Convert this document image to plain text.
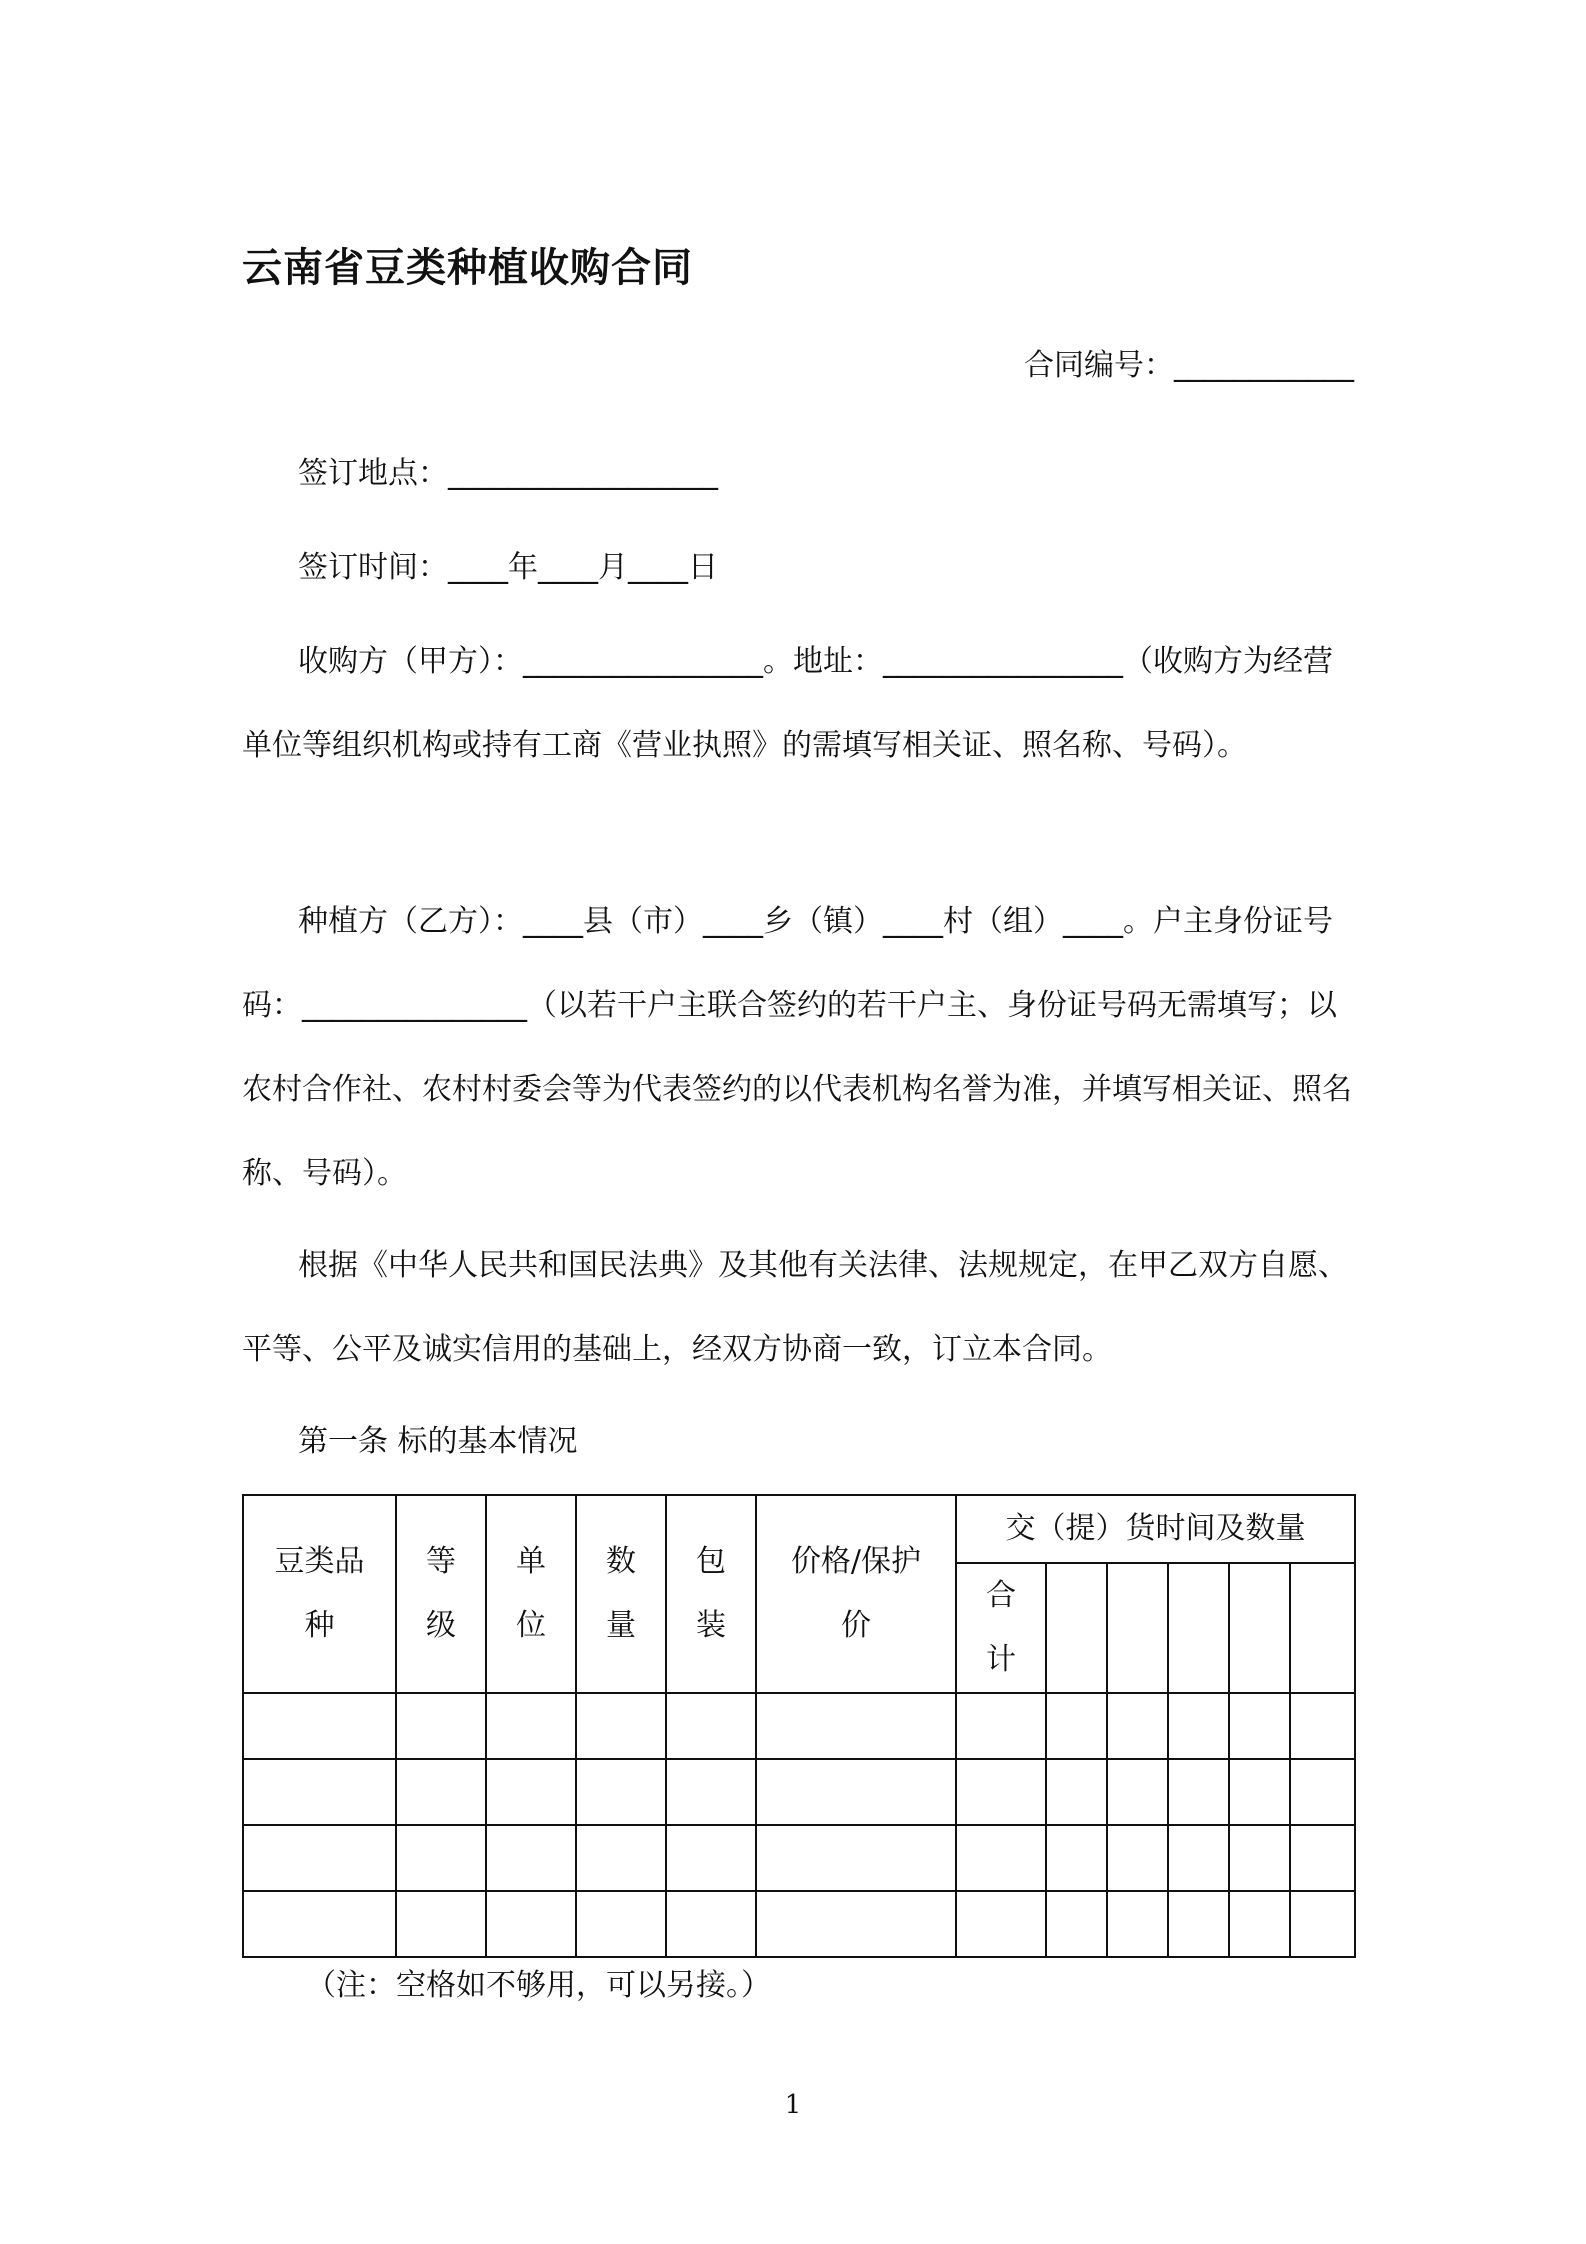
云南省豆类种植收购合同
合同编号：____________
签订地点：__________________
签订时间：____年____月____日
收购方（甲方）：________________。地址：________________（收购方为经营单位等组织机构或持有工商《营业执照》的需填写相关证、照名称、号码）。
种植方（乙方）：____县（市）____乡（镇）____村（组）____。户主身份证号码：_______________（以若干户主联合签约的若干户主、身份证号码无需填写；以农村合作社、农村村委会等为代表签约的以代表机构名誉为准，并填写相关证、照名称、号码）。
根据《中华人民共和国民法典》及其他有关法律、法规规定，在甲乙双方自愿、平等、公平及诚实信用的基础上，经双方协商一致，订立本合同。
第一条 标的基本情况
豆类品种	等级	单位	数量	包装	价格/保护价	交（提）货时间及数量					

						合计					

（注：空格如不够用，可以另接。）
1
